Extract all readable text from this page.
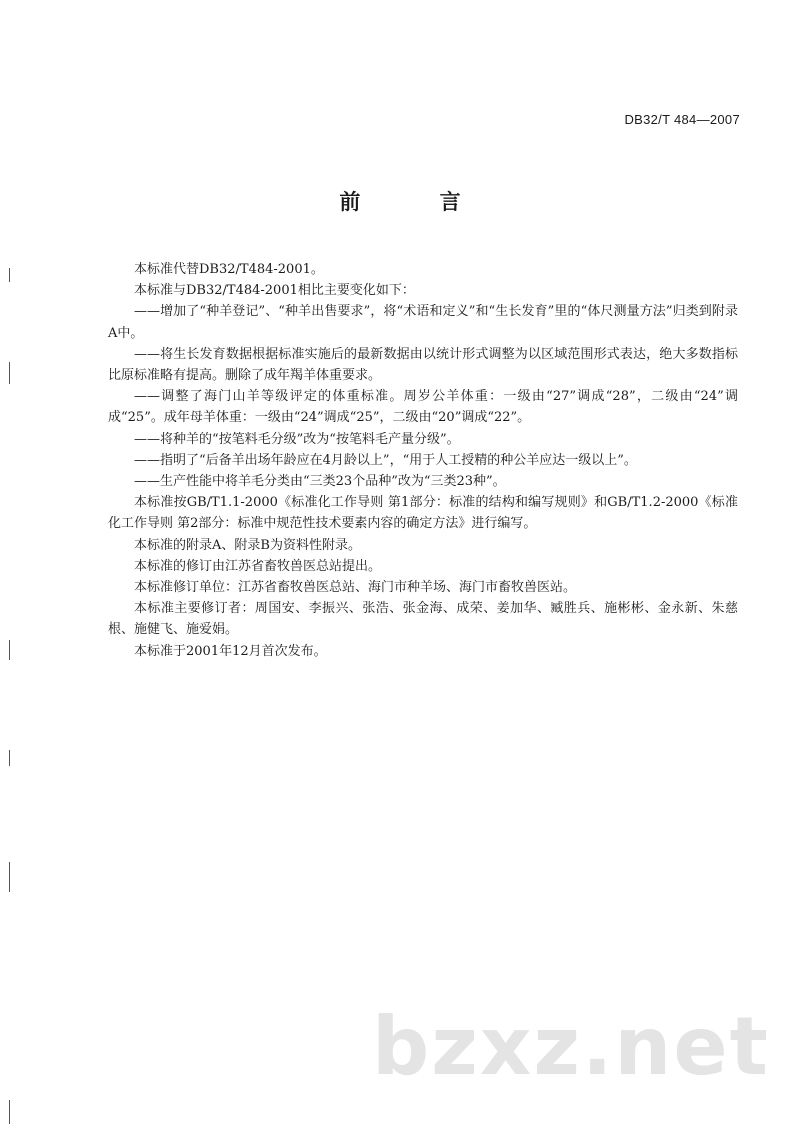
DB32/T 484—2007
前 言

本标准代替DB32/T484-2001。

本标准与DB32/T484-2001相比主要变化如下：

——增加了“种羊登记”、“种羊出售要求”，将“术语和定义”和“生长发育”里的“体尺测量方法”归类到附录A中。

——将生长发育数据根据标准实施后的最新数据由以统计形式调整为以区域范围形式表达，绝大多数指标比原标准略有提高。删除了成年羯羊体重要求。

——调整了海门山羊等级评定的体重标准。周岁公羊体重：一级由“27”调成“28”，二级由“24”调成“25”。成年母羊体重：一级由“24”调成“25”，二级由“20”调成“22”。

——将种羊的“按笔料毛分级”改为“按笔料毛产量分级”。

——指明了“后备羊出场年龄应在4月龄以上”，“用于人工授精的种公羊应达一级以上”。

——生产性能中将羊毛分类由“三类23个品种”改为“三类23种”。

本标准按GB/T1.1-2000《标准化工作导则 第1部分：标准的结构和编写规则》和GB/T1.2-2000《标准化工作导则 第2部分：标准中规范性技术要素内容的确定方法》进行编写。

本标准的附录A、附录B为资料性附录。

本标准的修订由江苏省畜牧兽医总站提出。

本标准修订单位：江苏省畜牧兽医总站、海门市种羊场、海门市畜牧兽医站。

本标准主要修订者：周国安、李振兴、张浩、张金海、成荣、姜加华、臧胜兵、施彬彬、金永新、朱慈根、施健飞、施爱娟。

本标准于2001年12月首次发布。

bzxz.net
